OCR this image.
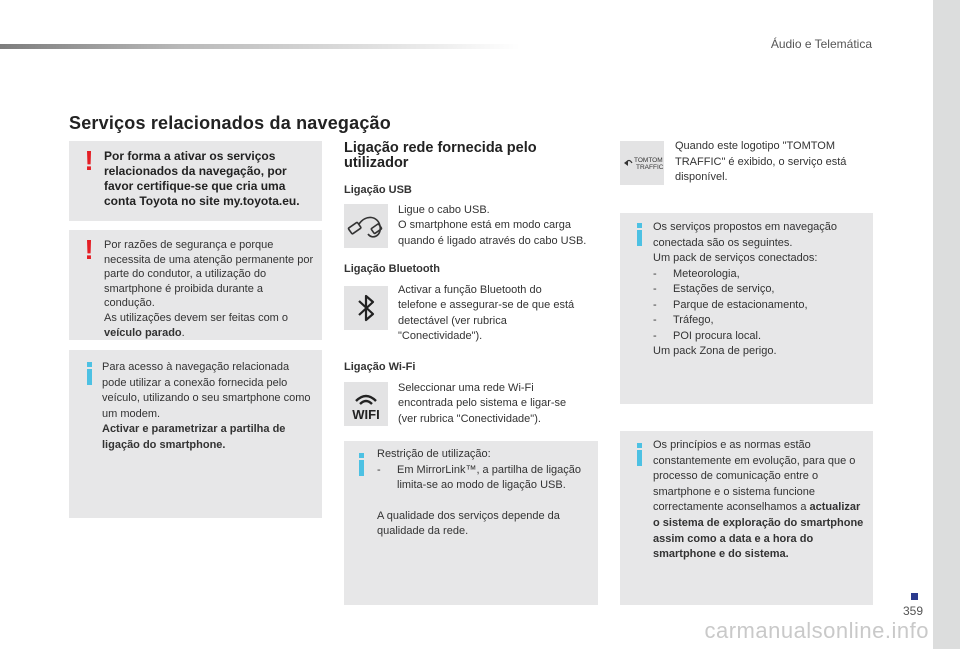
Áudio e Telemática
Serviços relacionados da navegação
! Por forma a ativar os serviços relacionados da navegação, por favor certifique-se que cria uma conta Toyota no site my.toyota.eu.
! Por razões de segurança e porque necessita de uma atenção permanente por parte do condutor, a utilização do smartphone é proibida durante a condução.
As utilizações devem ser feitas com o veículo parado.
Para acesso à navegação relacionada pode utilizar a conexão fornecida pelo veículo, utilizando o seu smartphone como um modem.
Activar e parametrizar a partilha de ligação do smartphone.
Ligação rede fornecida pelo utilizador
Ligação USB
Ligue o cabo USB.
O smartphone está em modo carga quando é ligado através do cabo USB.
Ligação Bluetooth
Activar a função Bluetooth do telefone e assegurar-se de que está detectável (ver rubrica "Conectividade").
Ligação Wi-Fi
WIFI
Seleccionar uma rede Wi-Fi encontrada pelo sistema e ligar-se (ver rubrica "Conectividade").
Restrição de utilização:
- Em MirrorLink™, a partilha de ligação limita-se ao modo de ligação USB.
A qualidade dos serviços depende da qualidade da rede.
TOMTOM
TRAFFIC
Quando este logotipo "TOMTOM TRAFFIC" é exibido, o serviço está disponível.
Os serviços propostos em navegação conectada são os seguintes.
Um pack de serviços conectados:
- Meteorologia,
- Estações de serviço,
- Parque de estacionamento,
- Tráfego,
- POI procura local.
Um pack Zona de perigo.
Os princípios e as normas estão constantemente em evolução, para que o processo de comunicação entre o smartphone e o sistema funcione correctamente aconselhamos a actualizar o sistema de exploração do smartphone assim como a data e a hora do smartphone e do sistema.
359
carmanualsonline.info
